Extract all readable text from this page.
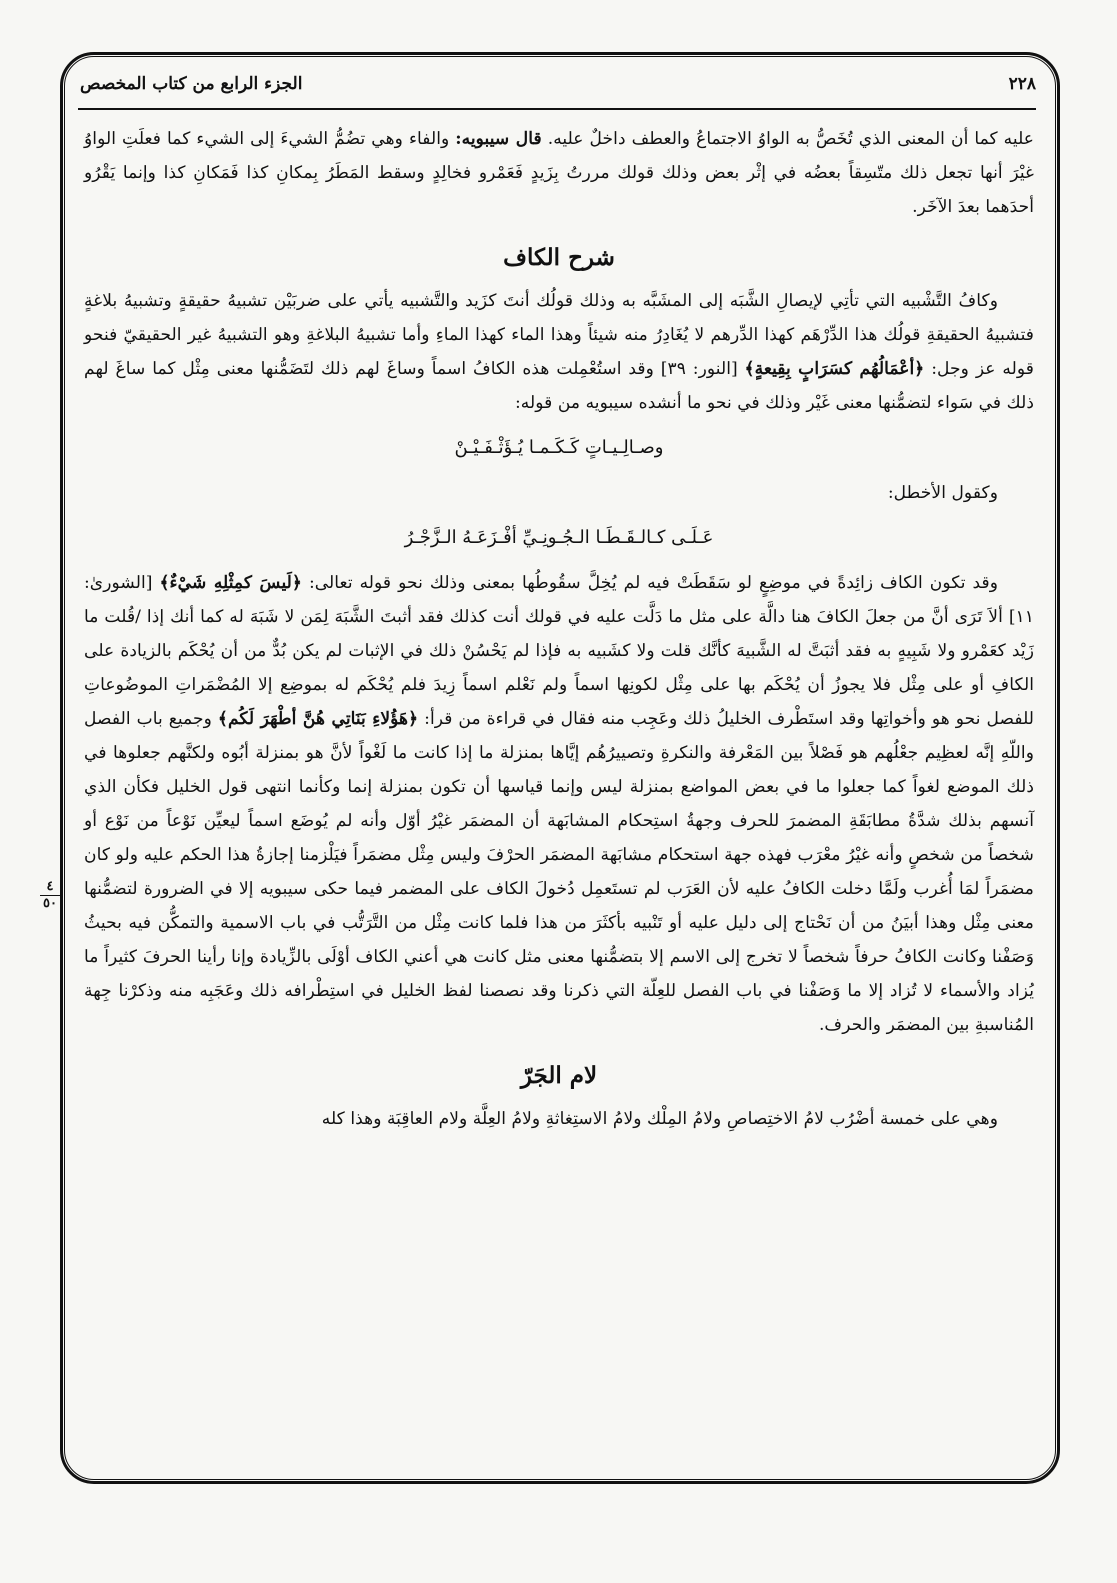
٢٢٨
الجزء الرابع من كتاب المخصص
٤
٥٠

عليه كما أن المعنى الذي تُخَصُّ به الواوُ الاجتماعُ والعطف داخلٌ عليه. قال سيبويه: والفاء وهي تضُمُّ الشيءَ إلى الشيء كما فعلَتِ الواوُ غيْرَ أنها تجعل ذلك متّسِقاً بعضُه في إثْر بعض وذلك قولك مررتُ بِزَيدٍ فَعَمْرو فخالِدٍ وسقط المَطَرُ بِمكانِ كذا فَمَكانِ كذا وإنما يَقْرُو أحدَهما بعدَ الآخَر.

شرح الكاف

وكافُ التَّشْبيه التي تأتِي لإيصالِ الشَّبَه إلى المشَبَّه به وذلك قولُك أنتَ كزَيد والتَّشبيه يأتي على ضربَيْن تشبيهُ حقيقةٍ وتشبيهُ بلاغةٍ فتشبيهُ الحقيقةِ قولُك هذا الدِّرْهَم كهذا الدِّرهم لا يُغَادِرُ منه شيئاً وهذا الماء كهذا الماءِ وأما تشبيهُ البلاغةِ وهو التشبيهُ غير الحقيقيّ فنحو قوله عز وجل: ﴿أعْمَالُهُم كسَرَابٍ بِقِيعةٍ﴾ [النور: ٣٩] وقد استُعْمِلت هذه الكافُ اسماً وساغَ لهم ذلك لتَضَمُّنها معنى مِثْل كما ساغَ لهم ذلك في سَواء لتضمُّنها معنى غَيْر وذلك في نحو ما أنشده سيبويه من قوله:

وصـالِـيـاتٍ كَـكَـمـا يُـؤَثْـفَـيْـنْ

وكقول الأخطل:

عَـلَـى كـالـقَـطَـا الـجُـونِـيِّ أفْـزَعَـهُ الـزَّجْـرُ

وقد تكون الكاف زائِدةً في موضِعٍ لو سَقَطَتْ فيه لم يُخِلَّ سقُوطُها بمعنى وذلك نحو قوله تعالى: ﴿لَيسَ كمِثْلِهِ شَيْءٌ﴾ [الشورىٰ: ١١] ألاَ تَرَى أنَّ من جعلَ الكافَ هنا دالَّة على مثل ما دَلَّت عليه في قولك أنت كذلك فقد أثبتَ الشَّبَهَ لِمَن لا شَبَهَ له كما أنك إذا /قُلت ما زَيْد كعَمْرو ولا شَبِيهٍ به فقد أثبَتَّ له الشَّبيهَ كأنَّك قلت ولا كشَبيه به فإذا لم يَحْسُنْ ذلك في الإثبات لم يكن بُدٌّ من أن يُحْكَم بالزيادة على الكافِ أو على مِثْل فلا يجوزُ أن يُحْكَم بها على مِثْل لكونِها اسماً ولم نَعْلم اسماً زِيدَ فلم يُحْكَم له بموضِع إلا المُضْمَراتِ الموضُوعاتِ للفصل نحو هو وأخواتِها وقد استَطْرف الخليلُ ذلك وعَجِب منه فقال في قراءة من قرأ: ﴿هَؤُلاءِ بَنَاتِي هُنَّ أطْهَرَ لَكُم﴾ وجميع باب الفصل واللّهِ إنَّه لعظِيم جعْلُهم هو فَصْلاً بين المَعْرفة والنكرةِ وتصييرُهُم إيَّاها بمنزلة ما إذا كانت ما لَغْواً لأنَّ هو بمنزلة أبُوه ولكنَّهم جعلوها في ذلك الموضع لغواً كما جعلوا ما في بعض المواضع بمنزلة ليس وإنما قياسها أن تكون بمنزلة إنما وكأنما انتهى قول الخليل فكأن الذي آنسهم بذلك شدَّةُ مطابَقَةِ المضمرَ للحرف وجهةُ استِحكام المشابَهة أن المضمَر غيْرُ أوّل وأنه لم يُوضَع اسماً ليعيِّن نَوْعاً من نَوْع أو شخصاً من شخصٍ وأنه غيْرُ معْرَب فهذه جهة استحكام مشابَهة المضمَر الحرْفَ وليس مِثْل مضمَراً فيَلْزمنا إجازةُ هذا الحكم عليه ولو كان مضمَراً لمَا أُغرب ولَمَّا دخلت الكافُ عليه لأن العَرَب لم تستَعمِل دُخولَ الكاف على المضمر فيما حكى سيبويه إلا في الضرورة لتضمُّنها معنى مِثْل وهذا أبيَنُ من أن نَحْتاج إلى دليل عليه أو تَنْبيه بأكثَرَ من هذا فلما كانت مِثْل من التَّرَتُّب في باب الاسمية والتمكُّن فيه بحيثُ وَصَفْنا وكانت الكافُ حرفاً شخصاً لا تخرج إلى الاسم إلا بتضمُّنها معنى مثل كانت هي أعني الكاف أوْلَى بالزِّيادة وإنا رأينا الحرفَ كثيراً ما يُزاد والأسماء لا تُزاد إلا ما وَصَفْنا في باب الفصل للعِلّة التي ذكرنا وقد نصصنا لفظ الخليل في استِطْرافه ذلك وعَجَبِه منه وذكرْنا جِهة المُناسبةِ بين المضمَر والحرف.

لام الجَرّ

وهي على خمسة أضْرُب لامُ الاختِصاصِ ولامُ المِلْك ولامُ الاستِغاثةِ ولامُ العِلَّة ولام العاقِبَة وهذا كله
